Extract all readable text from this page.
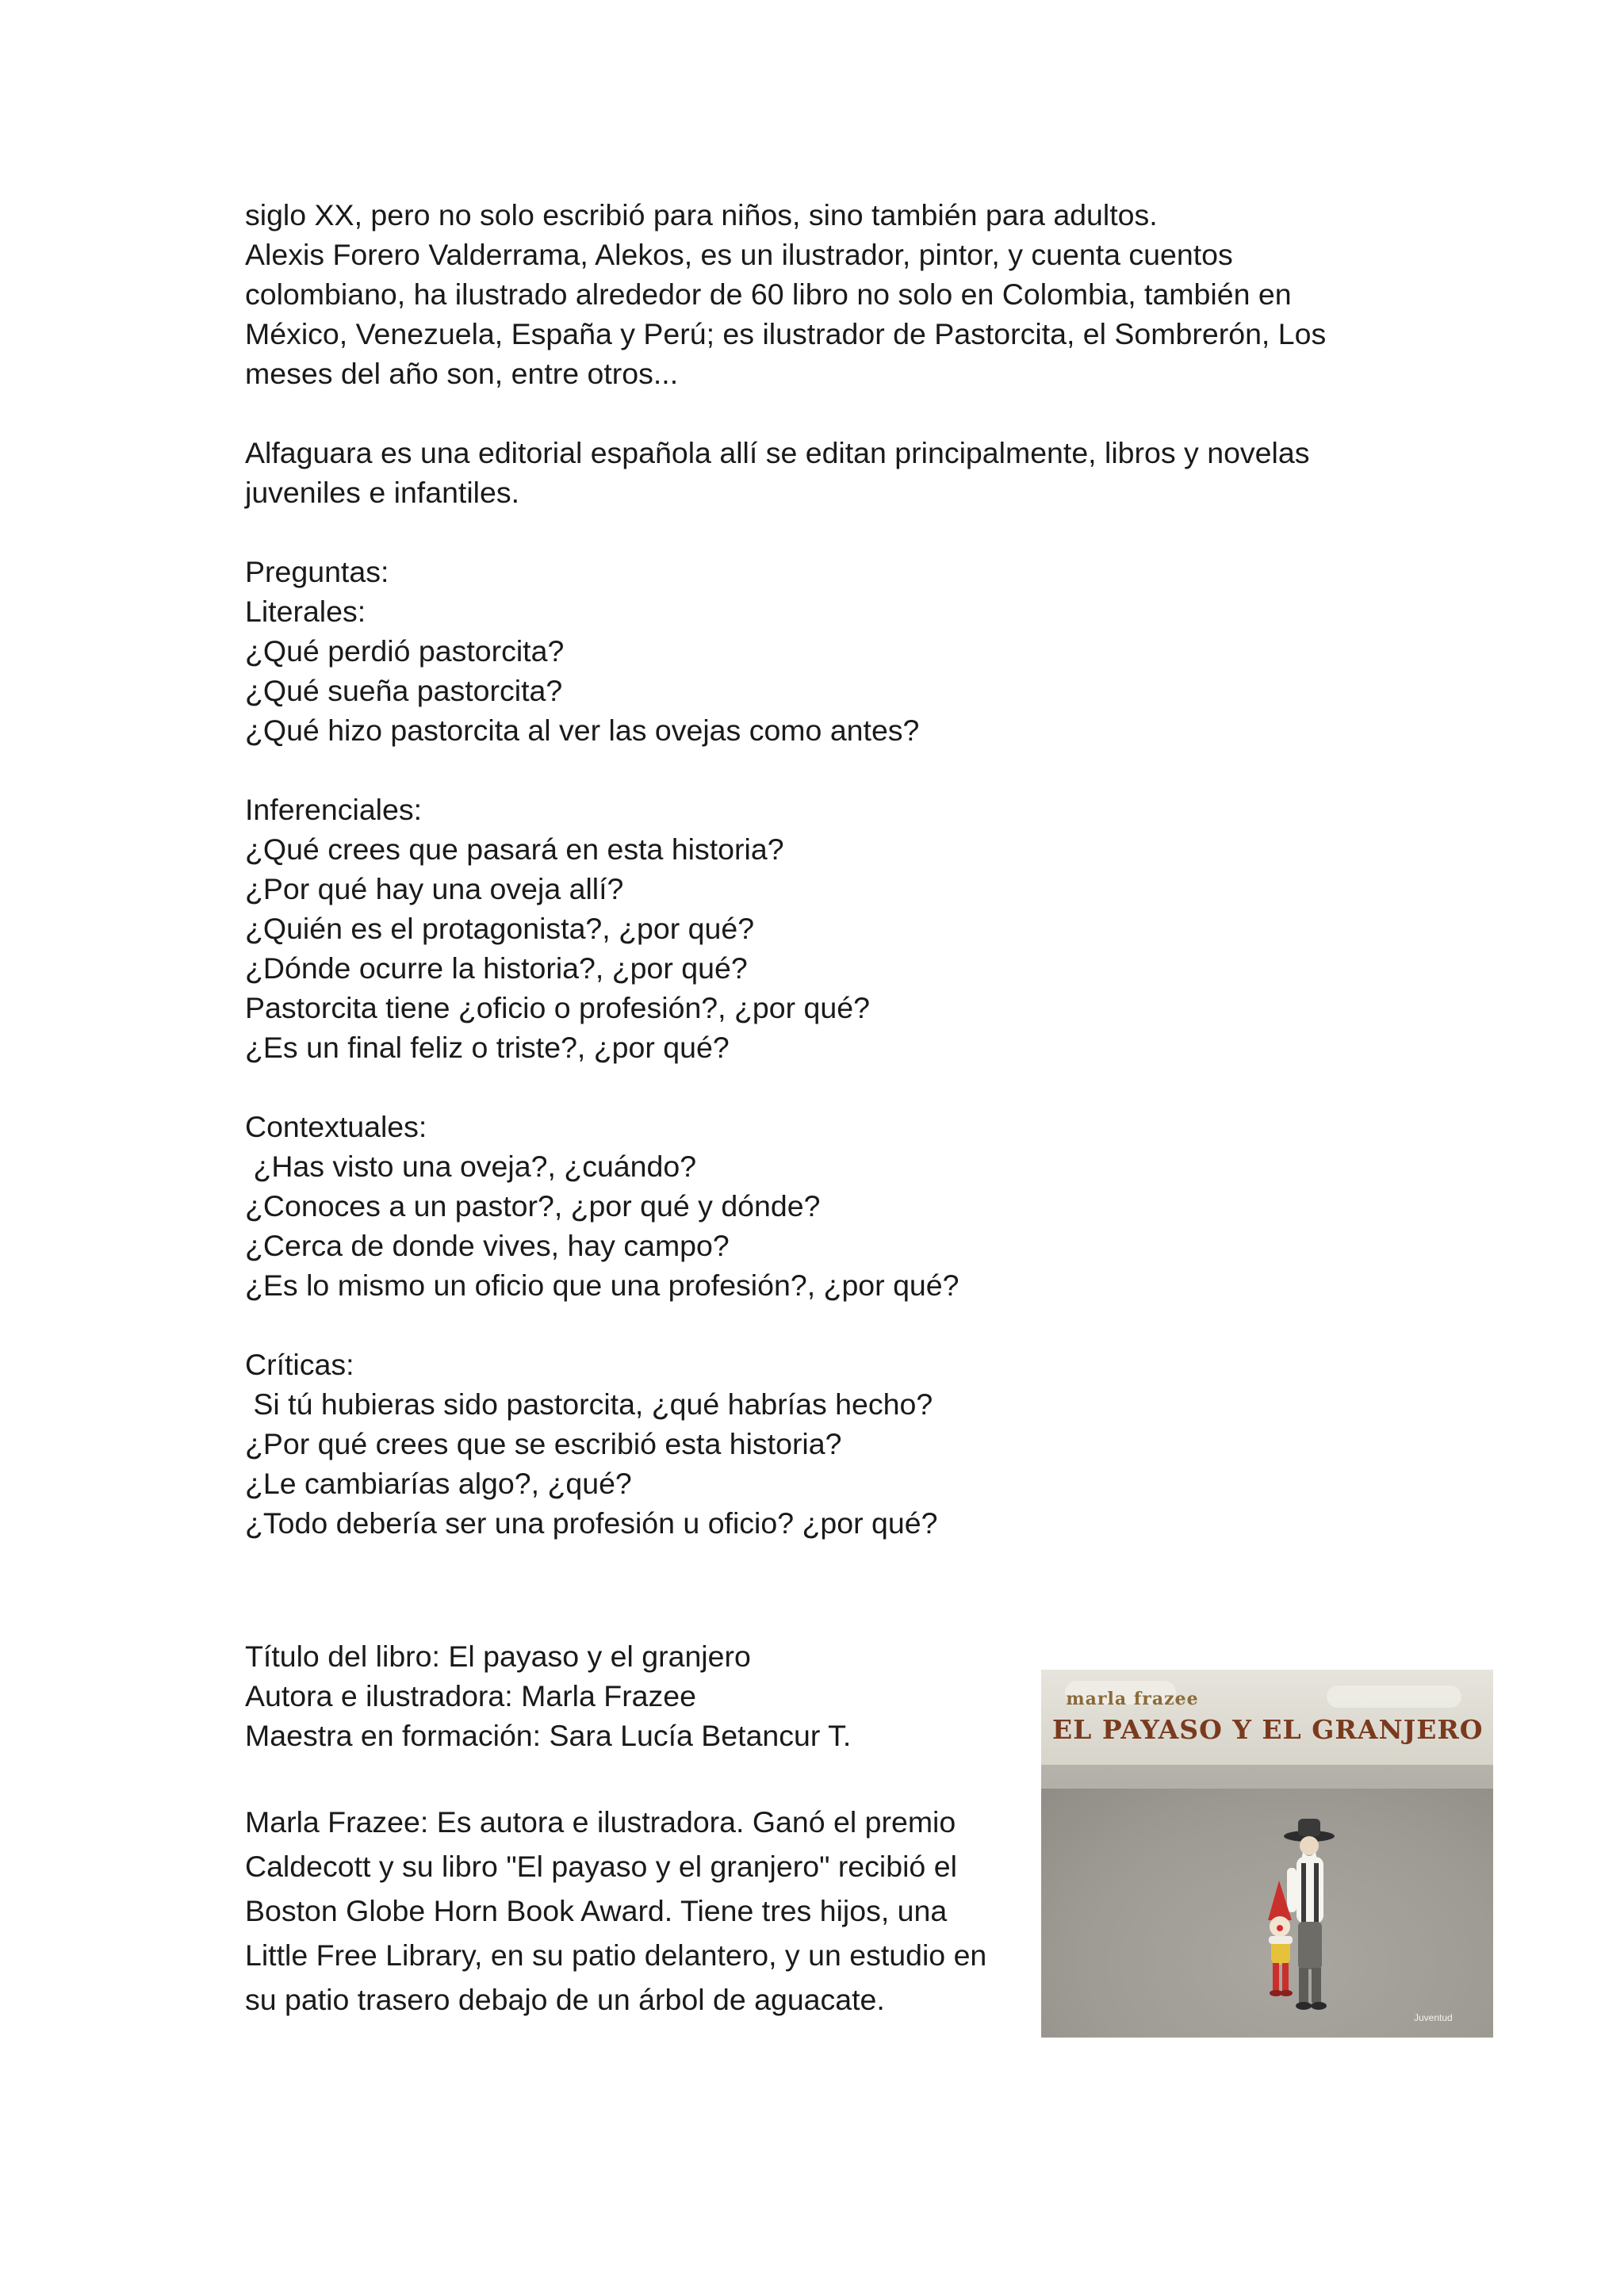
siglo XX, pero no solo escribió para niños, sino también para adultos.
Alexis Forero Valderrama, Alekos, es un ilustrador, pintor, y cuenta cuentos
colombiano, ha ilustrado alrededor de 60 libro no solo en Colombia, también en
México, Venezuela, España y Perú; es ilustrador de Pastorcita, el Sombrerón, Los
meses del año son, entre otros...
Alfaguara es una editorial española allí se editan principalmente, libros y novelas
juveniles e infantiles.
Preguntas:
Literales:
¿Qué perdió pastorcita?
¿Qué sueña pastorcita?
¿Qué hizo pastorcita al ver las ovejas como antes?
Inferenciales:
¿Qué crees que pasará en esta historia?
¿Por qué hay una oveja allí?
¿Quién es el protagonista?, ¿por qué?
¿Dónde ocurre la historia?, ¿por qué?
Pastorcita tiene ¿oficio o profesión?, ¿por qué?
¿Es un final feliz o triste?, ¿por qué?
Contextuales:
¿Has visto una oveja?, ¿cuándo?
¿Conoces a un pastor?, ¿por qué y dónde?
¿Cerca de donde vives, hay campo?
¿Es lo mismo un oficio que una profesión?, ¿por qué?
Críticas:
Si tú hubieras sido pastorcita, ¿qué habrías hecho?
¿Por qué crees que se escribió esta historia?
¿Le cambiarías algo?, ¿qué?
¿Todo debería ser una profesión u oficio? ¿por qué?
Título del libro: El payaso y el granjero
Autora e ilustradora: Marla Frazee
Maestra en formación: Sara Lucía Betancur T.
Marla Frazee: Es autora e ilustradora. Ganó el premio
Caldecott y su libro "El payaso y el granjero" recibió el
Boston Globe Horn Book Award. Tiene tres hijos, una
Little Free Library, en su patio delantero, y un estudio en
su patio trasero debajo de un árbol de aguacate.
marla frazee
EL PAYASO Y EL GRANJERO
Juventud
